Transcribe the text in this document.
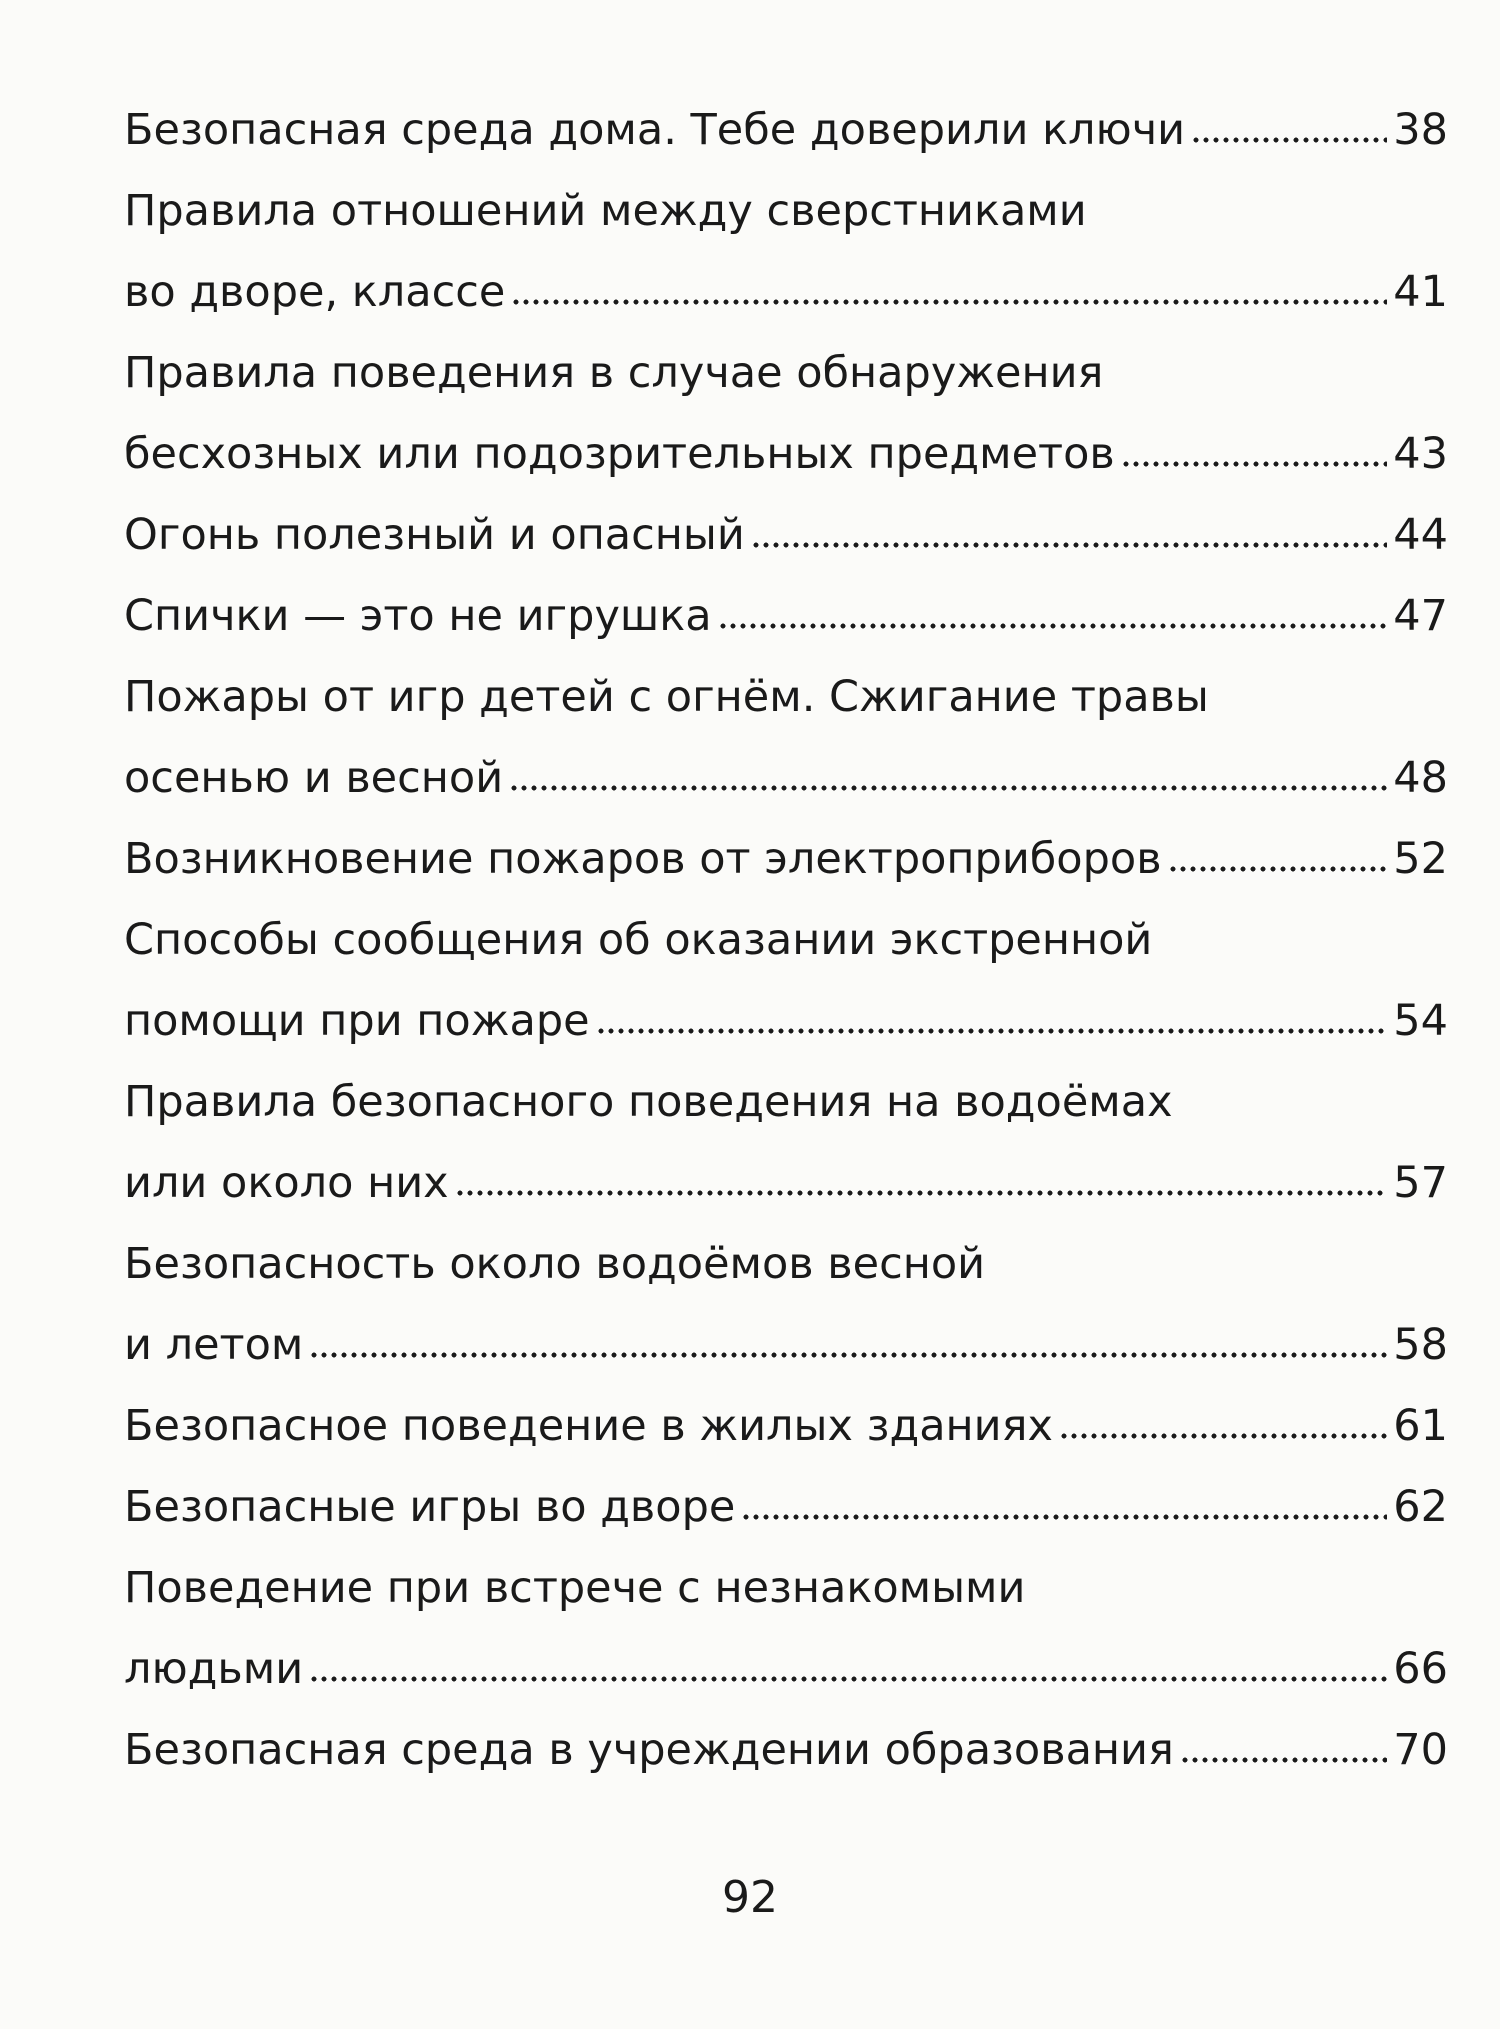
Безопасная среда дома. Тебе доверили ключи	38
Правила отношений между сверстниками
во дворе, классе	41
Правила поведения в случае обнаружения
бесхозных или подозрительных предметов	43
Огонь полезный и опасный	44
Спички — это не игрушка	47
Пожары от игр детей с огнём. Сжигание травы
осенью и весной	48
Возникновение пожаров от электроприборов	52
Способы сообщения об оказании экстренной
помощи при пожаре	54
Правила безопасного поведения на водоёмах
или около них	57
Безопасность около водоёмов весной
и летом	58
Безопасное поведение в жилых зданиях	61
Безопасные игры во дворе	62
Поведение при встрече с незнакомыми
людьми	66
Безопасная среда в учреждении образования	70
92
